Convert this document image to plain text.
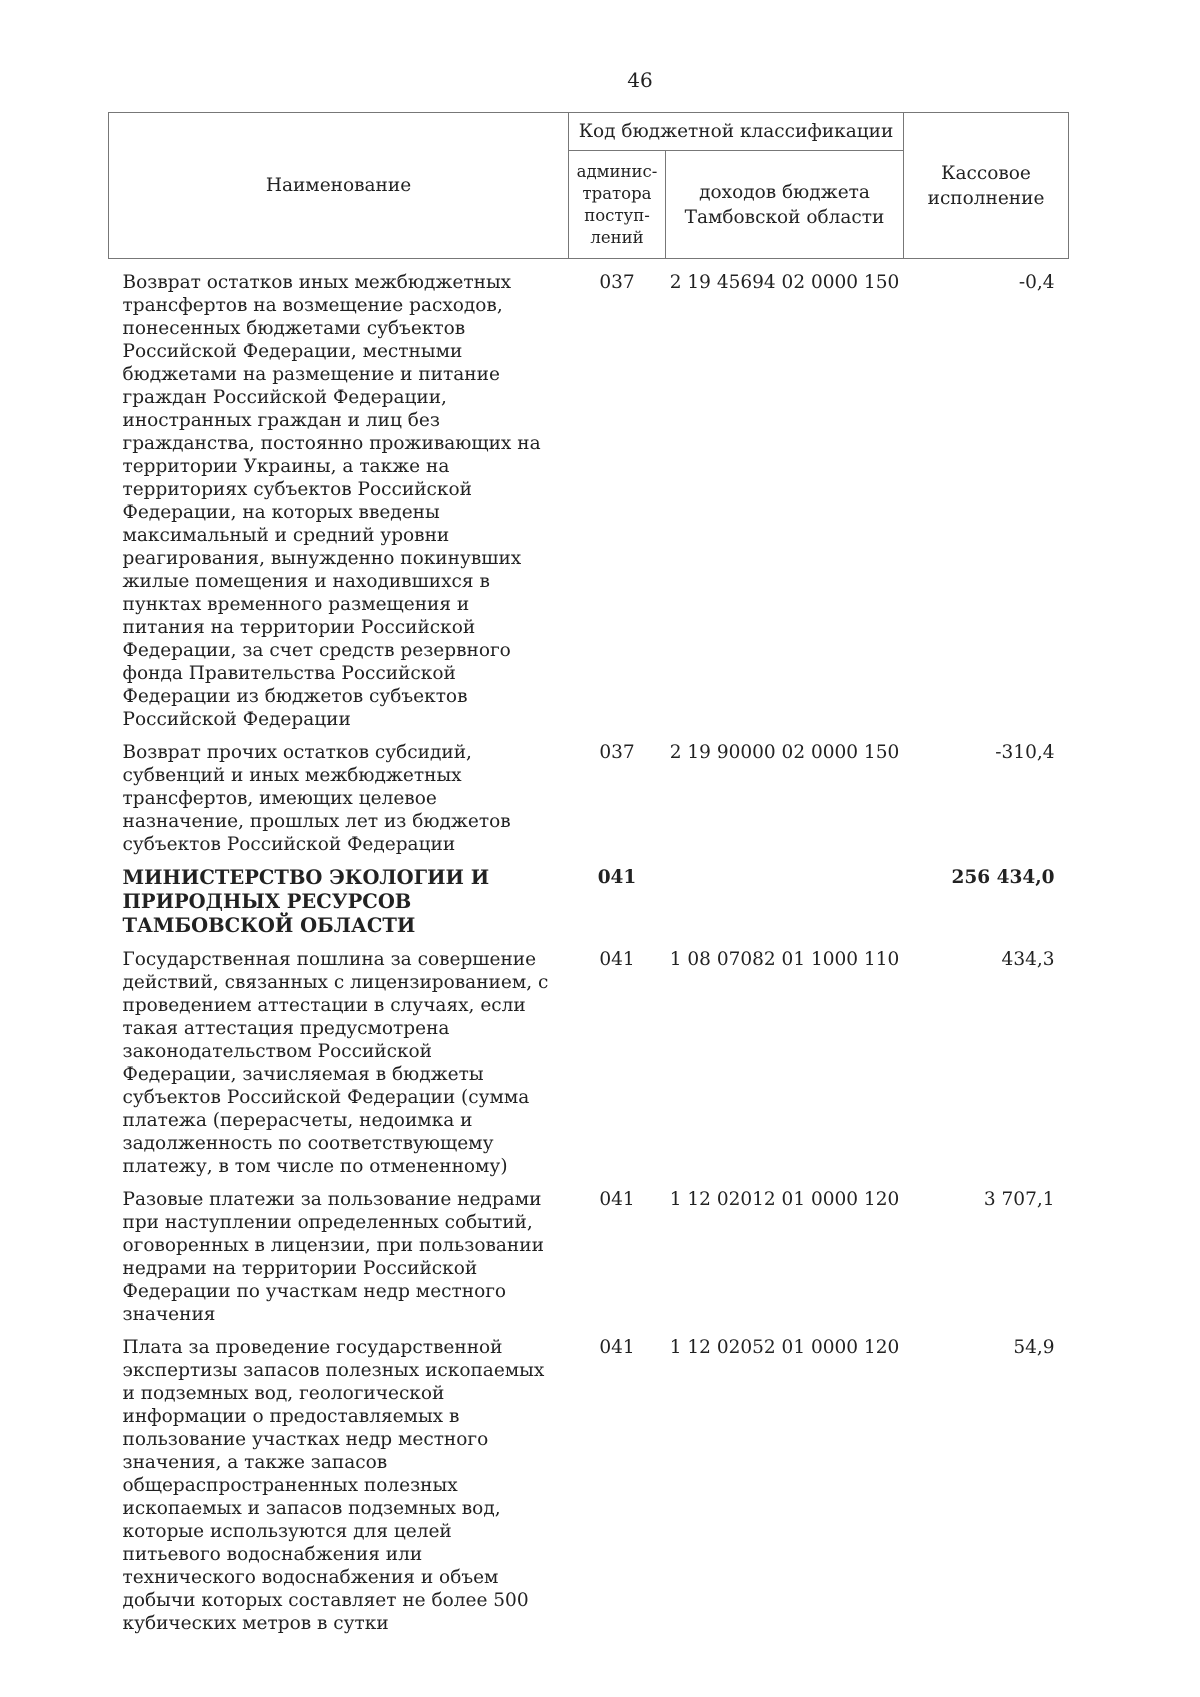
46
Наименование	Код бюджетной классификации		Кассовое
исполнение
	админис-
тратора
поступ-
лений	доходов бюджета
Тамбовской области	
Возврат остатков иных межбюджетных трансфертов на возмещение расходов, понесенных бюджетами субъектов Российской Федерации, местными бюджетами на размещение и питание граждан Российской Федерации, иностранных граждан и лиц без гражданства, постоянно проживающих на территории Украины, а также на территориях субъектов Российской Федерации, на которых введены максимальный и средний уровни реагирования, вынужденно покинувших жилые помещения и находившихся в пунктах временного размещения и питания на территории Российской Федерации, за счет средств резервного фонда Правительства Российской Федерации из бюджетов субъектов Российской Федерации	037	2 19 45694 02 0000 150	-0,4
Возврат прочих остатков субсидий, субвенций и иных межбюджетных трансфертов, имеющих целевое назначение, прошлых лет из бюджетов субъектов Российской Федерации	037	2 19 90000 02 0000 150	-310,4
МИНИСТЕРСТВО ЭКОЛОГИИ И ПРИРОДНЫХ РЕСУРСОВ ТАМБОВСКОЙ ОБЛАСТИ	041		256 434,0
Государственная пошлина за совершение действий, связанных с лицензированием, с проведением аттестации в случаях, если такая аттестация предусмотрена законодательством Российской Федерации, зачисляемая в бюджеты субъектов Российской Федерации (сумма платежа (перерасчеты, недоимка и задолженность по соответствующему платежу, в том числе по отмененному)	041	1 08 07082 01 1000 110	434,3
Разовые платежи за пользование недрами при наступлении определенных событий, оговоренных в лицензии, при пользовании недрами на территории Российской Федерации по участкам недр местного значения	041	1 12 02012 01 0000 120	3 707,1
Плата за проведение государственной экспертизы запасов полезных ископаемых и подземных вод, геологической информации о предоставляемых в пользование участках недр местного значения, а также запасов общераспространенных полезных ископаемых и запасов подземных вод, которые используются для целей питьевого водоснабжения или технического водоснабжения и объем добычи которых составляет не более 500 кубических метров в сутки	041	1 12 02052 01 0000 120	54,9
